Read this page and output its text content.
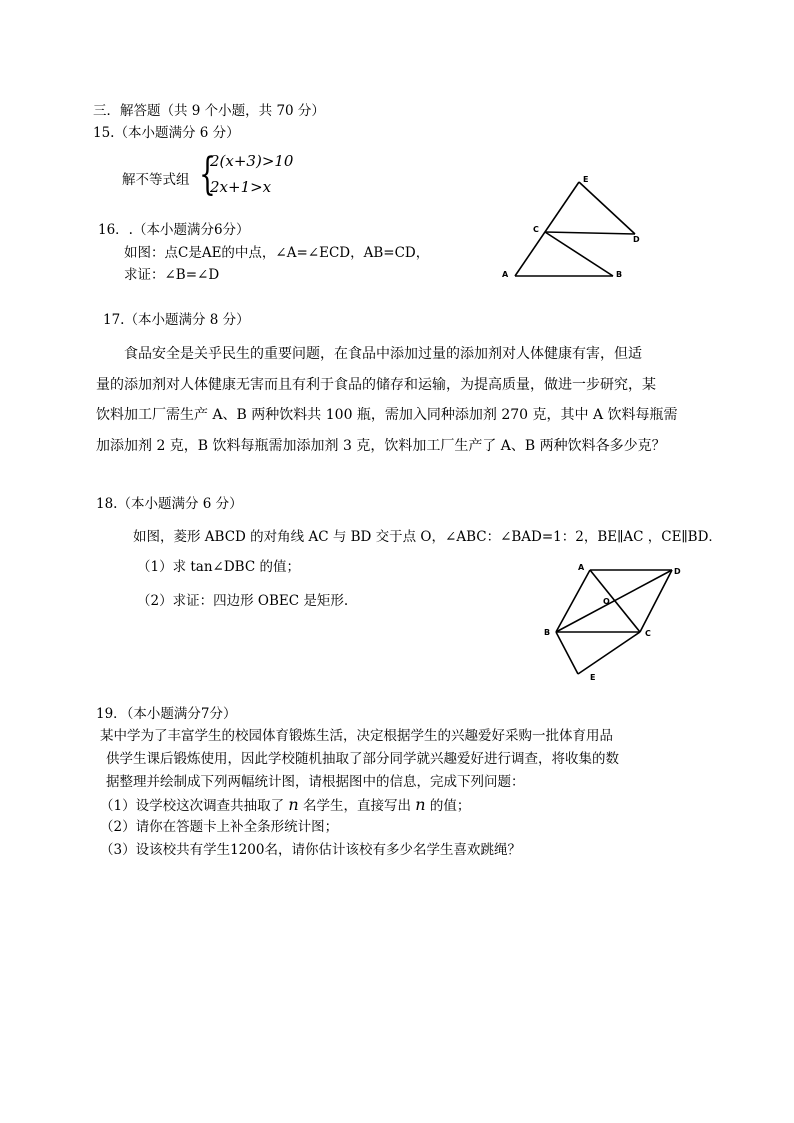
三．解答题（共 9 个小题，共 70 分）
15.（本小题满分 6 分）
解不等式组 {
2(x+3)>10
2x+1>x
16．.（本小题满分6分）
如图：点C是AE的中点，∠A=∠ECD，AB=CD，
求证：∠B=∠D
E
C
D
A	B
17.（本小题满分 8 分）
食品安全是关乎民生的重要问题，在食品中添加过量的添加剂对人体健康有害，但适
量的添加剂对人体健康无害而且有利于食品的储存和运输，为提高质量，做进一步研究，某
饮料加工厂需生产 A、B 两种饮料共 100 瓶，需加入同种添加剂 270 克，其中 A 饮料每瓶需
加添加剂 2 克，B 饮料每瓶需加添加剂 3 克，饮料加工厂生产了 A、B 两种饮料各多少克？
18.（本小题满分 6 分）
如图，菱形 ABCD 的对角线 AC 与 BD 交于点 O，∠ABC：∠BAD=1：2，BE∥AC ，CE∥BD．
（1）求 tan∠DBC 的值；
（2）求证：四边形 OBEC 是矩形.
A	D
O
B	C
E
19．（本小题满分7分）
某中学为了丰富学生的校园体育锻炼生活，决定根据学生的兴趣爱好采购一批体育用品
供学生课后锻炼使用，因此学校随机抽取了部分同学就兴趣爱好进行调查，将收集的数
据整理并绘制成下列两幅统计图，请根据图中的信息，完成下列问题：
（1）设学校这次调查共抽取了 n 名学生，直接写出 n 的值；
（2）请你在答题卡上补全条形统计图；
（3）设该校共有学生1200名，请你估计该校有多少名学生喜欢跳绳？
